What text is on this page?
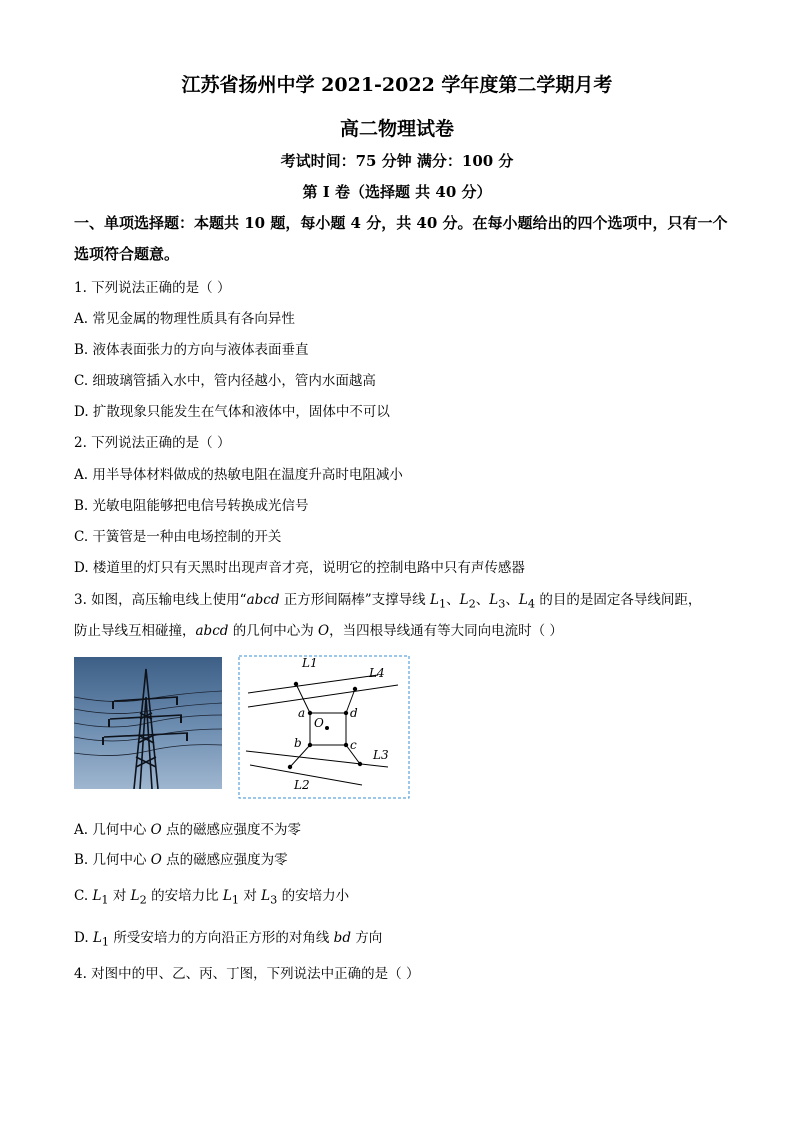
江苏省扬州中学 2021-2022 学年度第二学期月考
高二物理试卷
考试时间：75 分钟 满分：100 分
第 Ⅰ 卷（选择题 共 40 分）
一、单项选择题：本题共 10 题，每小题 4 分，共 40 分。在每小题给出的四个选项中，只有一个选项符合题意。
1. 下列说法正确的是（ ）
A. 常见金属的物理性质具有各向异性
B. 液体表面张力的方向与液体表面垂直
C. 细玻璃管插入水中，管内径越小，管内水面越高
D. 扩散现象只能发生在气体和液体中，固体中不可以
2. 下列说法正确的是（ ）
A. 用半导体材料做成的热敏电阻在温度升高时电阻减小
B. 光敏电阻能够把电信号转换成光信号
C. 干簧管是一种由电场控制的开关
D. 楼道里的灯只有天黑时出现声音才亮，说明它的控制电路中只有声传感器
3. 如图，高压输电线上使用“abcd 正方形间隔棒”支撑导线 $L_1$、$L_2$、$L_3$、$L_4$ 的目的是固定各导线间距，
防止导线互相碰撞，abcd 的几何中心为 O，当四根导线通有等大同向电流时（ ）
L1
L4
L3
L2
a	d
b	c
O
A. 几何中心 O 点的磁感应强度不为零
B. 几何中心 O 点的磁感应强度为零
C. $L_1$ 对 $L_2$ 的安培力比 $L_1$ 对 $L_3$ 的安培力小
D. $L_1$ 所受安培力的方向沿正方形的对角线 bd 方向
4. 对图中的甲、乙、丙、丁图，下列说法中正确的是（ ）
